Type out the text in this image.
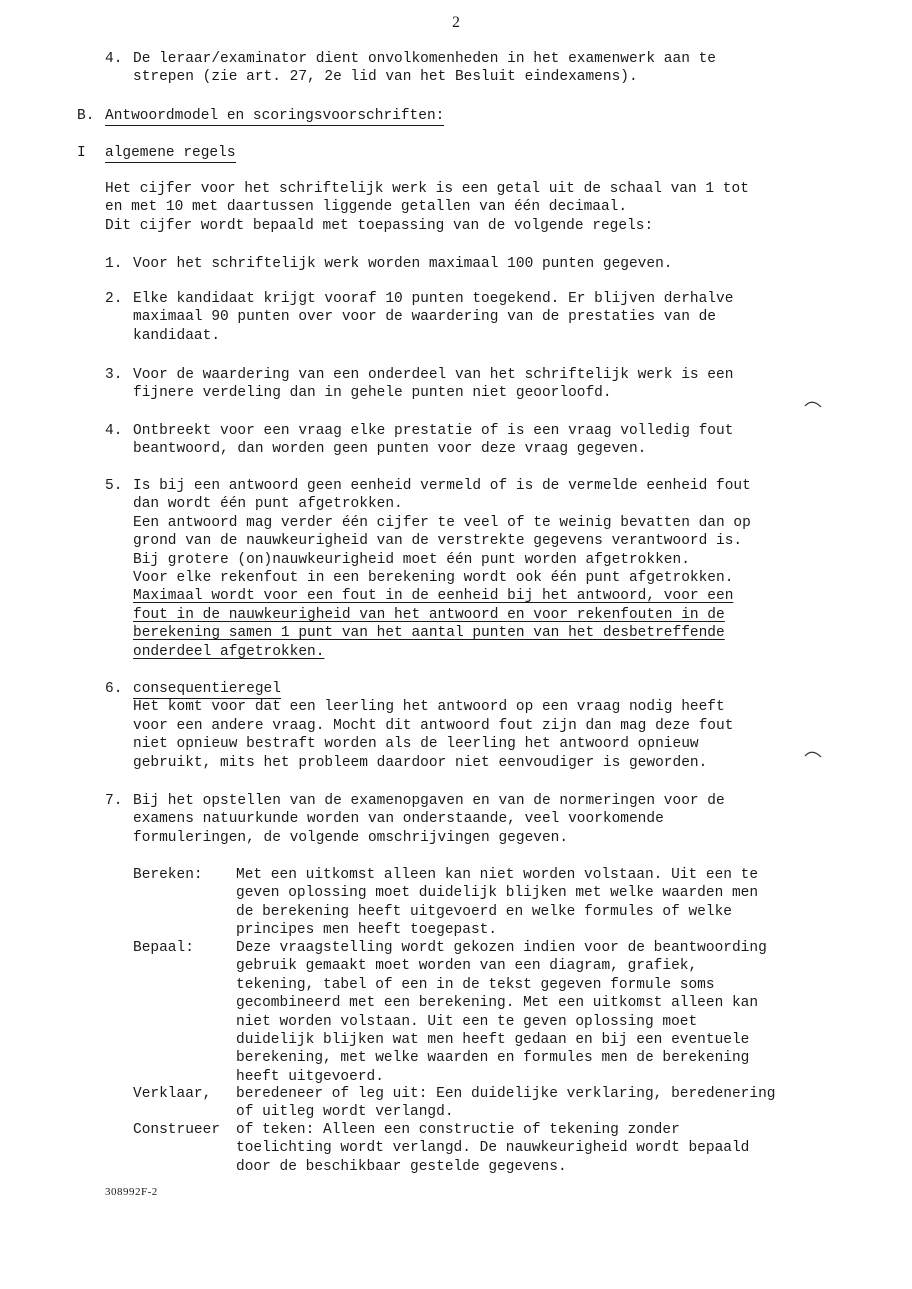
2
4. De leraar/examinator dient onvolkomenheden in het examenwerk aan te
strepen (zie art. 27, 2e lid van het Besluit eindexamens).
B. Antwoordmodel en scoringsvoorschriften:
I algemene regels
Het cijfer voor het schriftelijk werk is een getal uit de schaal van 1 tot
en met 10 met daartussen liggende getallen van één decimaal.
Dit cijfer wordt bepaald met toepassing van de volgende regels:
1. Voor het schriftelijk werk worden maximaal 100 punten gegeven.
2. Elke kandidaat krijgt vooraf 10 punten toegekend. Er blijven derhalve
maximaal 90 punten over voor de waardering van de prestaties van de
kandidaat.
3. Voor de waardering van een onderdeel van het schriftelijk werk is een
fijnere verdeling dan in gehele punten niet geoorloofd.
4. Ontbreekt voor een vraag elke prestatie of is een vraag volledig fout
beantwoord, dan worden geen punten voor deze vraag gegeven.
5. Is bij een antwoord geen eenheid vermeld of is de vermelde eenheid fout
dan wordt één punt afgetrokken.
Een antwoord mag verder één cijfer te veel of te weinig bevatten dan op
grond van de nauwkeurigheid van de verstrekte gegevens verantwoord is.
Bij grotere (on)nauwkeurigheid moet één punt worden afgetrokken.
Voor elke rekenfout in een berekening wordt ook één punt afgetrokken.
Maximaal wordt voor een fout in de eenheid bij het antwoord, voor een
fout in de nauwkeurigheid van het antwoord en voor rekenfouten in de
berekening samen 1 punt van het aantal punten van het desbetreffende
onderdeel afgetrokken.
6. consequentieregel
Het komt voor dat een leerling het antwoord op een vraag nodig heeft
voor een andere vraag. Mocht dit antwoord fout zijn dan mag deze fout
niet opnieuw bestraft worden als de leerling het antwoord opnieuw
gebruikt, mits het probleem daardoor niet eenvoudiger is geworden.
7. Bij het opstellen van de examenopgaven en van de normeringen voor de
examens natuurkunde worden van onderstaande, veel voorkomende
formuleringen, de volgende omschrijvingen gegeven.
Bereken: Met een uitkomst alleen kan niet worden volstaan. Uit een te
geven oplossing moet duidelijk blijken met welke waarden men
de berekening heeft uitgevoerd en welke formules of welke
principes men heeft toegepast.
Bepaal:	Deze vraagstelling wordt gekozen indien voor de beantwoording
gebruik gemaakt moet worden van een diagram, grafiek,
tekening, tabel of een in de tekst gegeven formule soms
gecombineerd met een berekening. Met een uitkomst alleen kan
niet worden volstaan. Uit een te geven oplossing moet
duidelijk blijken wat men heeft gedaan en bij een eventuele
berekening, met welke waarden en formules men de berekening
heeft uitgevoerd.
Verklaar, beredeneer of leg uit: Een duidelijke verklaring, beredenering
of uitleg wordt verlangd.
Construeer of teken: Alleen een constructie of tekening zonder
toelichting wordt verlangd. De nauwkeurigheid wordt bepaald
door de beschikbaar gestelde gegevens.
308992F-2
